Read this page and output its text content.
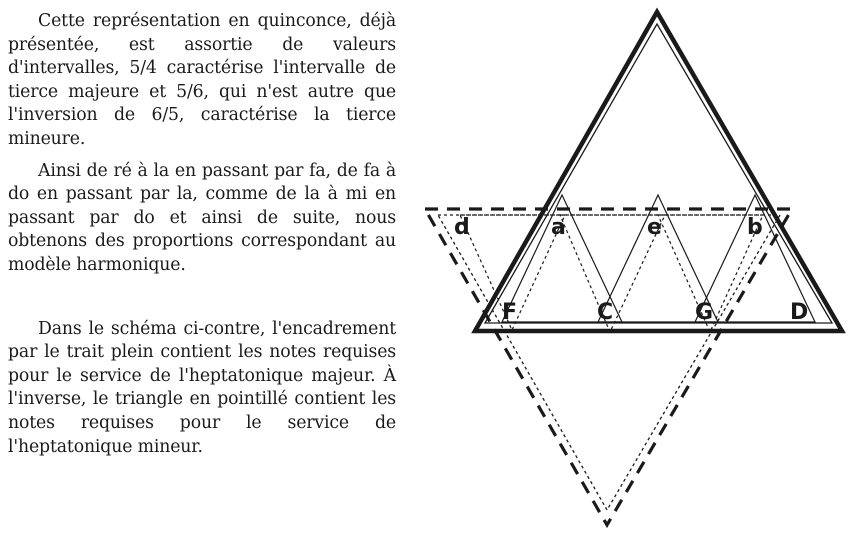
Cette représentation en quinconce, déjà présentée, est assortie de valeurs d'intervalles, 5/4 caractérise l'intervalle de tierce majeure et 5/6, qui n'est autre que l'inversion de 6/5, caractérise la tierce mineure.

Ainsi de ré à la en passant par fa, de fa à do en passant par la, comme de la à mi en passant par do et ainsi de suite, nous obtenons des proportions correspondant au modèle harmonique.

Dans le schéma ci-contre, l'encadrement par le trait plein contient les notes requises pour le service de l'heptatonique majeur. À l'inverse, le triangle en pointillé contient les notes requises pour le service de l'heptatonique mineur.

d	a	e	b
F	C	G	D
